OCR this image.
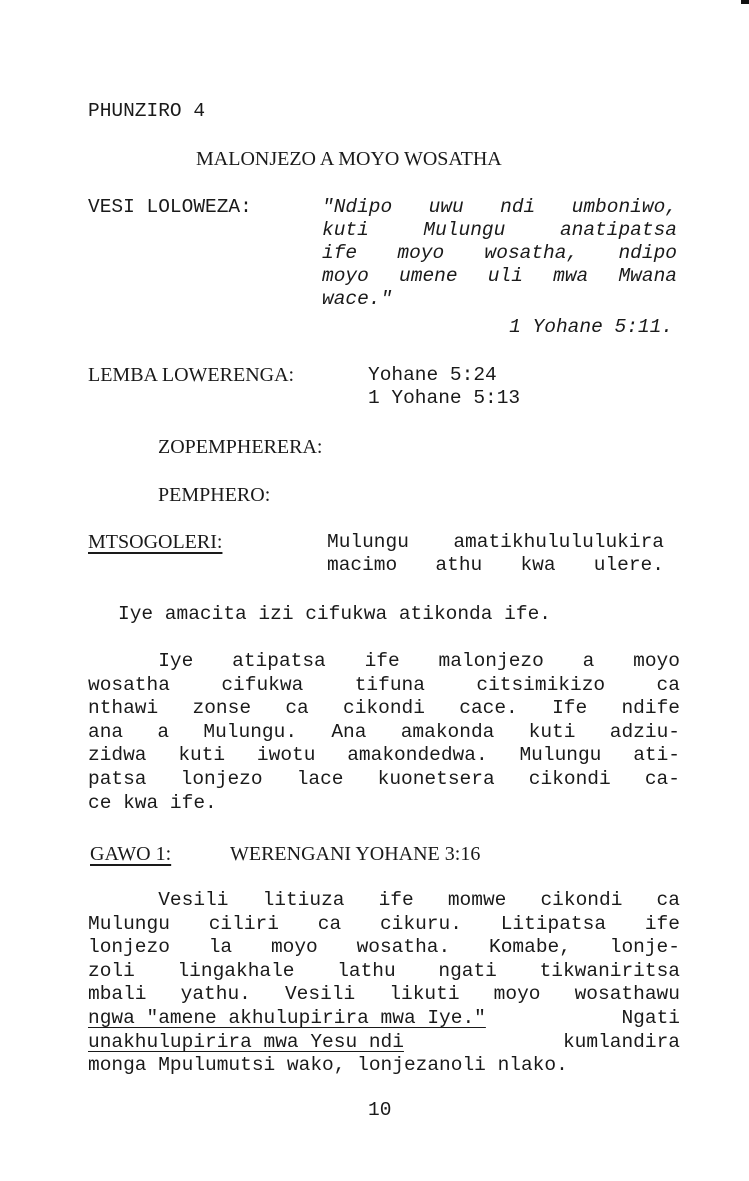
PHUNZIRO 4
MALONJEZO A MOYO WOSATHA
VESI LOLOWEZA:	"Ndipo uwu ndi umboniwo,
kuti	Mulungu	anatipatsa
ife moyo wosatha, ndipo
moyo umene uli mwa Mwana
wace."
1 Yohane 5:11.
LEMBA LOWERENGA:	Yohane 5:24
1 Yohane 5:13
ZOPEMPHERERA:
PEMPHERO:
MTSOGOLERI:	Mulungu amatikhulululukira
macimo athu kwa ulere.
Iye amacita izi cifukwa atikonda ife.
Iye atipatsa ife malonjezo a moyo
wosatha	cifukwa	tifuna	citsimikizo	ca
nthawi zonse ca cikondi cace. Ife ndife
ana a Mulungu. Ana amakonda kuti adziu-
zidwa kuti iwotu amakondedwa. Mulungu ati-
patsa lonjezo lace kuonetsera cikondi ca-
ce kwa ife.
GAWO 1:	WERENGANI YOHANE 3:16
Vesili litiuza ife momwe cikondi ca
Mulungu ciliri ca cikuru. Litipatsa ife
lonjezo la moyo wosatha. Komabe, lonje-
zoli lingakhale lathu ngati tikwaniritsa
mbali yathu. Vesili likuti moyo wosathawu
ngwa "amene akhulupirira mwa Iye."	Ngati
unakhulupirira mwa Yesu ndi	kumlandira
monga Mpulumutsi wako, lonjezanoli nlako.
10
